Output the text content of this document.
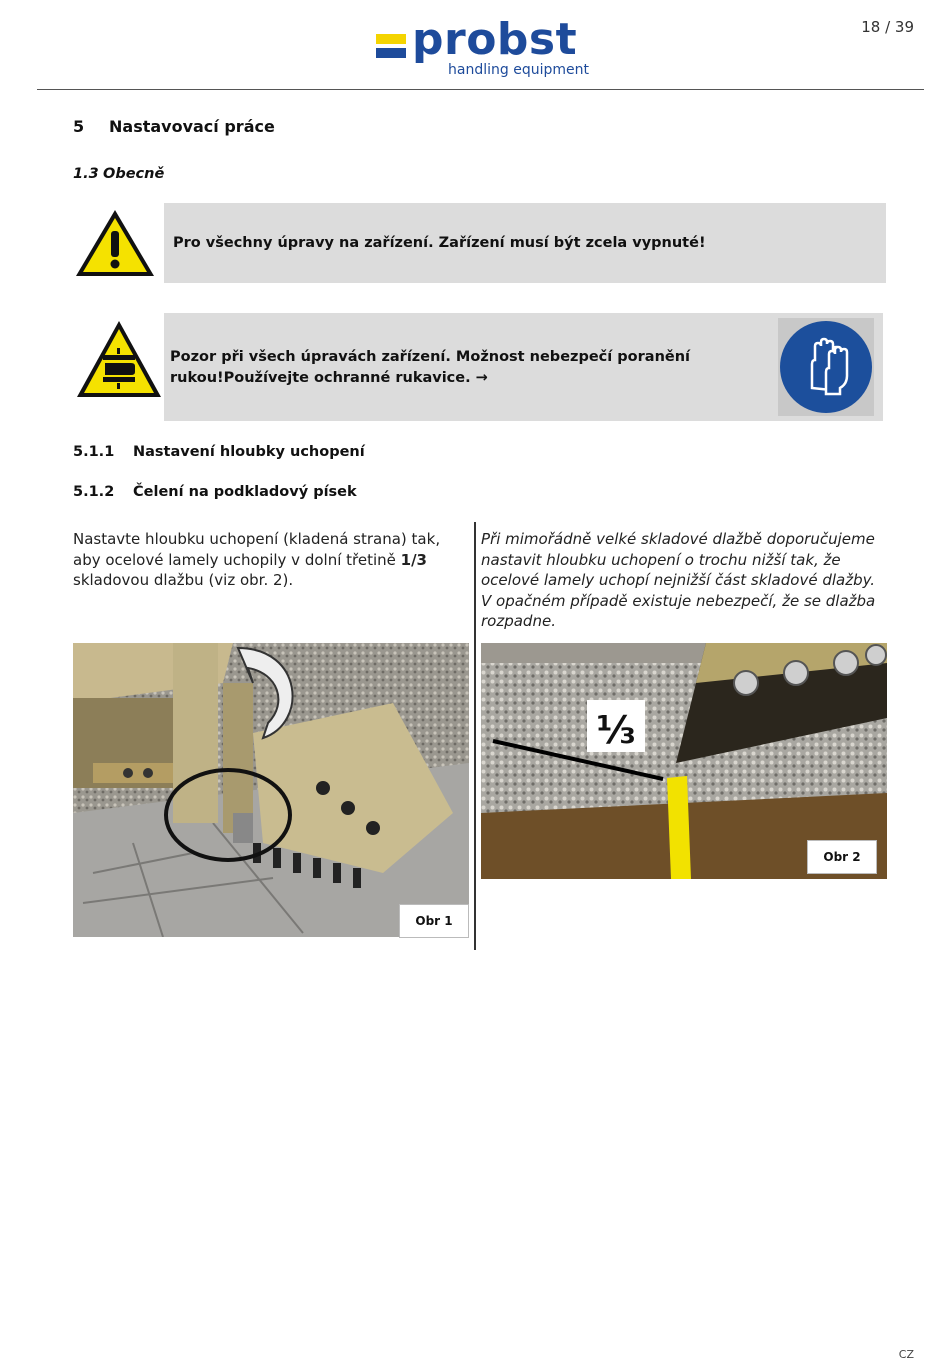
probst
handling equipment
18 / 39
5 Nastavovací práce
1.3 Obecně
Pro všechny úpravy na zařízení. Zařízení musí být zcela vypnuté!
Pozor při všech úpravách zařízení. Možnost nebezpečí poranění rukou!Používejte ochranné rukavice. →
5.1.1 Nastavení hloubky uchopení
5.1.2 Čelení na podkladový písek
Nastavte hloubku uchopení (kladená strana) tak, aby ocelové lamely uchopily v dolní třetině 1/3 skladovou dlažbu (viz obr. 2).
Při mimořádně velké skladové dlažbě doporučujeme nastavit hloubku uchopení o trochu nižší tak, že ocelové lamely uchopí nejnižší část skladové dlažby. V opačném případě existuje nebezpečí, že se dlažba rozpadne.
Obr 1
⅓
Obr 2
CZ
